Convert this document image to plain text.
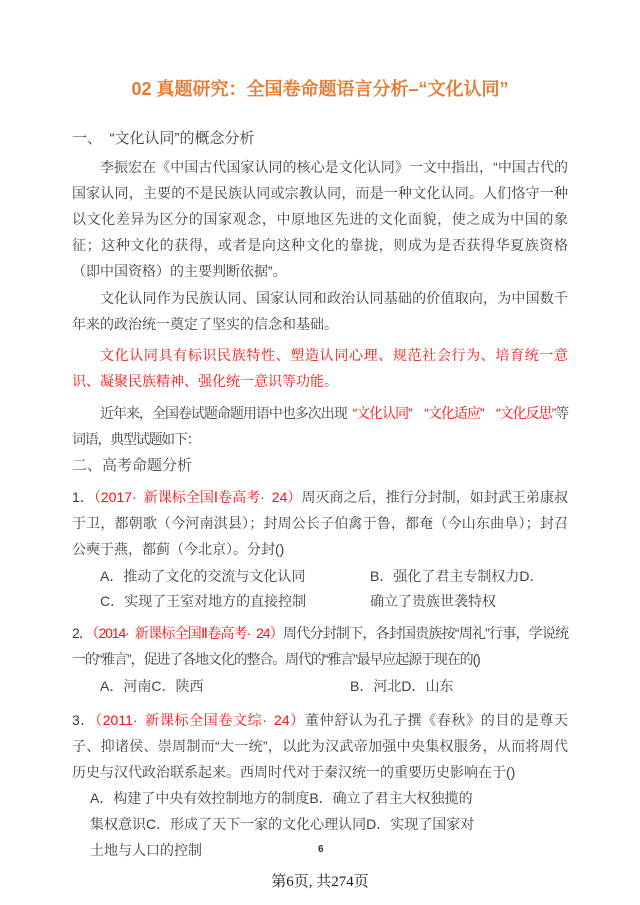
02 真题研究：全国卷命题语言分析–“文化认同”
一、　“文化认同”的概念分析

李振宏在《中国古代国家认同的核心是文化认同》一文中指出，“中国古代的国家认同，主要的不是民族认同或宗教认同，而是一种文化认同。人们恪守一种以文化差异为区分的国家观念，中原地区先进的文化面貌，使之成为中国的象征；这种文化的获得，或者是向这种文化的靠拢，则成为是否获得华夏族资格（即中国资格）的主要判断依据”。

文化认同作为民族认同、国家认同和政治认同基础的价值取向，为中国数千年来的政治统一奠定了坚实的信念和基础。

文化认同具有标识民族特性、塑造认同心理、规范社会行为、培育统一意识、凝聚民族精神、强化统一意识等功能。

近年来，全国卷试题命题用语中也多次出现 “文化认同” “文化适应” “文化反思”等词语，典型试题如下：

二、高考命题分析

1．（2017· 新课标全国Ⅰ卷高考· 24）周灭商之后，推行分封制，如封武王弟康叔于卫，都朝歌（今河南淇县）；封周公长子伯禽于鲁，都奄（今山东曲阜）；封召公奭于燕，都蓟（今北京）。分封()

A．推动了文化的交流与文化认同	B．强化了君主专制权力D．
C．实现了王室对地方的直接控制	确立了贵族世袭特权

2．（2014· 新课标全国Ⅱ卷高考· 24）周代分封制下，各封国贵族按“周礼”行事，学说统一的“雅言”，促进了各地文化的整合。周代的“雅言”最早应起源于现在的()

A．河南C．陕西	B．河北D．山东

3．（2011· 新课标全国卷文综· 24）董仲舒认为孔子撰《春秋》的目的是尊天子、抑诸侯、崇周制而“大一统”，以此为汉武帝加强中央集权服务，从而将周代历史与汉代政治联系起来。西周时代对于秦汉统一的重要历史影响在于()

A．构建了中央有效控制地方的制度B．确立了君主大权独揽的
集权意识C．形成了天下一家的文化心理认同D．实现了国家对
土地与人口的控制	6
第6页, 共274页
